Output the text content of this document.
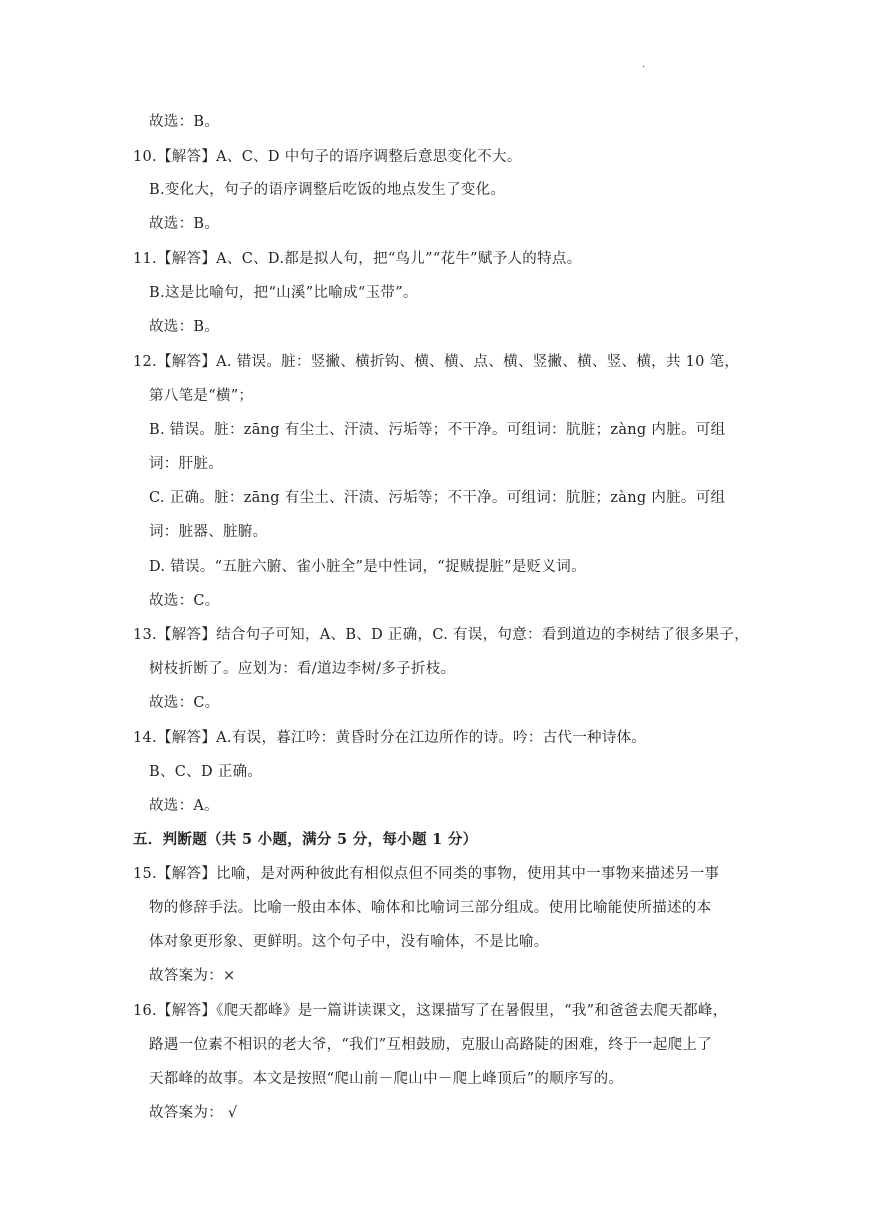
·
故选：B。
10.【解答】A、C、D 中句子的语序调整后意思变化不大。
B.变化大，句子的语序调整后吃饭的地点发生了变化。
故选：B。
11.【解答】A、C、D.都是拟人句，把“鸟儿”“花牛”赋予人的特点。
B.这是比喻句，把“山溪”比喻成“玉带”。
故选：B。
12.【解答】A. 错误。脏：竖撇、横折钩、横、横、点、横、竖撇、横、竖、横，共 10 笔，
第八笔是“横”；
B. 错误。脏：zāng 有尘土、汗渍、污垢等；不干净。可组词：肮脏；zàng 内脏。可组
词：肝脏。
C. 正确。脏：zāng 有尘土、汗渍、污垢等；不干净。可组词：肮脏；zàng 内脏。可组
词：脏器、脏腑。
D. 错误。“五脏六腑、雀小脏全”是中性词，“捉贼提脏”是贬义词。
故选：C。
13.【解答】结合句子可知，A、B、D 正确，C. 有误，句意：看到道边的李树结了很多果子，
树枝折断了。应划为：看/道边李树/多子折枝。
故选：C。
14.【解答】A.有误，暮江吟：黄昏时分在江边所作的诗。吟：古代一种诗体。
B、C、D 正确。
故选：A。
五．判断题（共 5 小题，满分 5 分，每小题 1 分）
15.【解答】比喻，是对两种彼此有相似点但不同类的事物，使用其中一事物来描述另一事
物的修辞手法。比喻一般由本体、喻体和比喻词三部分组成。使用比喻能使所描述的本
体对象更形象、更鲜明。这个句子中，没有喻体，不是比喻。
故答案为：×
16.【解答】《爬天都峰》是一篇讲读课文，这课描写了在暑假里，“我”和爸爸去爬天都峰，
路遇一位素不相识的老大爷，“我们”互相鼓励，克服山高路陡的困难，终于一起爬上了
天都峰的故事。本文是按照“爬山前－爬山中－爬上峰顶后”的顺序写的。
故答案为： √
